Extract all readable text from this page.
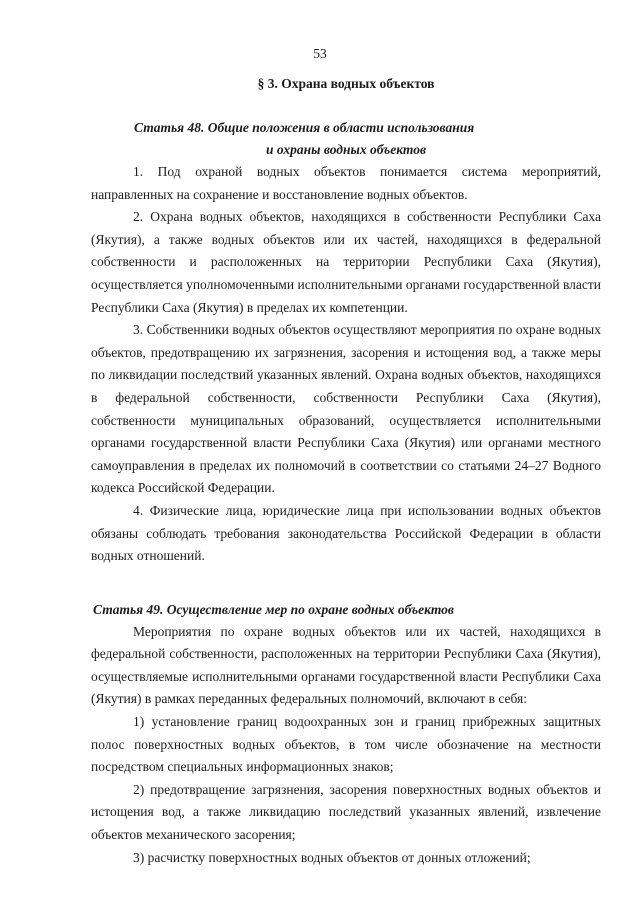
53
§ 3. Охрана водных объектов
Статья 48. Общие положения в области использования
и охраны водных объектов

1. Под охраной водных объектов понимается система мероприятий, направленных на сохранение и восстановление водных объектов.

2. Охрана водных объектов, находящихся в собственности Республики Саха (Якутия), а также водных объектов или их частей, находящихся в федеральной собственности и расположенных на территории Республики Саха (Якутия), осуществляется уполномоченными исполнительными органами государственной власти Республики Саха (Якутия) в пределах их компетенции.

3. Собственники водных объектов осуществляют мероприятия по охране водных объектов, предотвращению их загрязнения, засорения и истощения вод, а также меры по ликвидации последствий указанных явлений. Охрана водных объектов, находящихся в федеральной собственности, собственности Республики Саха (Якутия), собственности муниципальных образований, осуществляется исполнительными органами государственной власти Республики Саха (Якутия) или органами местного самоуправления в пределах их полномочий в соответствии со статьями 24–27 Водного кодекса Российской Федерации.

4. Физические лица, юридические лица при использовании водных объектов обязаны соблюдать требования законодательства Российской Федерации в области водных отношений.

Статья 49. Осуществление мер по охране водных объектов

Мероприятия по охране водных объектов или их частей, находящихся в федеральной собственности, расположенных на территории Республики Саха (Якутия), осуществляемые исполнительными органами государственной власти Республики Саха (Якутия) в рамках переданных федеральных полномочий, включают в себя:

1) установление границ водоохранных зон и границ прибрежных защитных полос поверхностных водных объектов, в том числе обозначение на местности посредством специальных информационных знаков;

2) предотвращение загрязнения, засорения поверхностных водных объектов и истощения вод, а также ликвидацию последствий указанных явлений, извлечение объектов механического засорения;

3) расчистку поверхностных водных объектов от донных отложений;
